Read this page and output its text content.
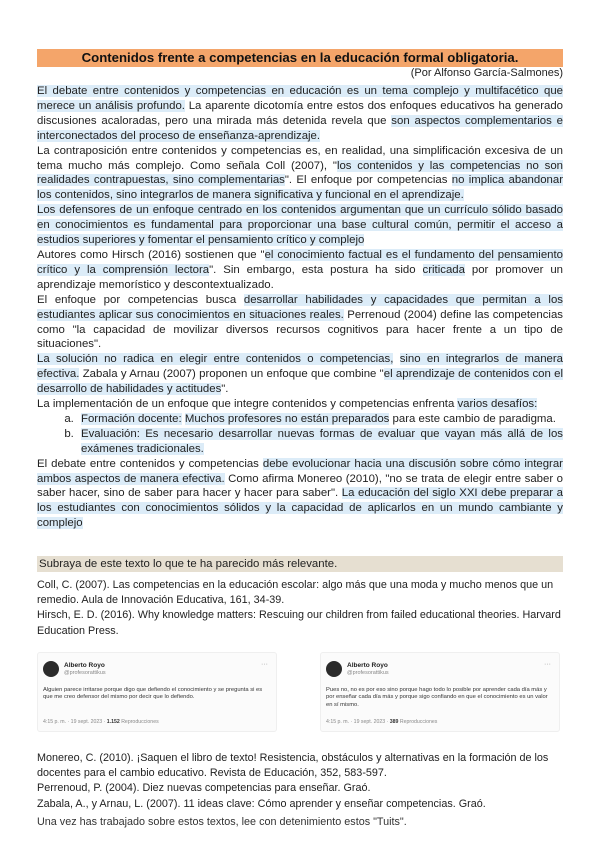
Contenidos frente a competencias en la educación formal obligatoria.
(Por Alfonso García-Salmones)

El debate entre contenidos y competencias en educación es un tema complejo y multifacético que merece un análisis profundo. La aparente dicotomía entre estos dos enfoques educativos ha generado discusiones acaloradas, pero una mirada más detenida revela que son aspectos complementarios e interconectados del proceso de enseñanza-aprendizaje.

La contraposición entre contenidos y competencias es, en realidad, una simplificación excesiva de un tema mucho más complejo. Como señala Coll (2007), "los contenidos y las competencias no son realidades contrapuestas, sino complementarias". El enfoque por competencias no implica abandonar los contenidos, sino integrarlos de manera significativa y funcional en el aprendizaje.

Los defensores de un enfoque centrado en los contenidos argumentan que un currículo sólido basado en conocimientos es fundamental para proporcionar una base cultural común, permitir el acceso a estudios superiores y fomentar el pensamiento crítico y complejo

Autores como Hirsch (2016) sostienen que "el conocimiento factual es el fundamento del pensamiento crítico y la comprensión lectora". Sin embargo, esta postura ha sido criticada por promover un aprendizaje memorístico y descontextualizado.

El enfoque por competencias busca desarrollar habilidades y capacidades que permitan a los estudiantes aplicar sus conocimientos en situaciones reales. Perrenoud (2004) define las competencias como "la capacidad de movilizar diversos recursos cognitivos para hacer frente a un tipo de situaciones".

La solución no radica en elegir entre contenidos o competencias, sino en integrarlos de manera efectiva. Zabala y Arnau (2007) proponen un enfoque que combine "el aprendizaje de contenidos con el desarrollo de habilidades y actitudes".

La implementación de un enfoque que integre contenidos y competencias enfrenta varios desafíos:

a. Formación docente: Muchos profesores no están preparados para este cambio de paradigma.
b. Evaluación: Es necesario desarrollar nuevas formas de evaluar que vayan más allá de los exámenes tradicionales.

El debate entre contenidos y competencias debe evolucionar hacia una discusión sobre cómo integrar ambos aspectos de manera efectiva. Como afirma Monereo (2010), "no se trata de elegir entre saber o saber hacer, sino de saber para hacer y hacer para saber". La educación del siglo XXI debe preparar a los estudiantes con conocimientos sólidos y la capacidad de aplicarlos en un mundo cambiante y complejo

Subraya de este texto lo que te ha parecido más relevante.

Coll, C. (2007). Las competencias en la educación escolar: algo más que una moda y mucho menos que un remedio. Aula de Innovación Educativa, 161, 34-39.

Hirsch, E. D. (2016). Why knowledge matters: Rescuing our children from failed educational theories. Harvard Education Press.

Alberto Royo
@profesorattikus
···
Alguien parece irritarse porque digo que defiendo el conocimiento y se pregunta si es que me creo defensor del mismo por decir que lo defiendo.
4:15 p. m. · 19 sept. 2023 · 1.152 Reproducciones
Alberto Royo
@profesorattikus
···
Pues no, no es por eso sino porque hago todo lo posible por aprender cada día más y por enseñar cada día más y porque sigo confiando en que el conocimiento es un valor en sí mismo.
4:15 p. m. · 19 sept. 2023 · 389 Reproducciones

Monereo, C. (2010). ¡Saquen el libro de texto! Resistencia, obstáculos y alternativas en la formación de los docentes para el cambio educativo. Revista de Educación, 352, 583-597.

Perrenoud, P. (2004). Diez nuevas competencias para enseñar. Graó.

Zabala, A., y Arnau, L. (2007). 11 ideas clave: Cómo aprender y enseñar competencias. Graó.

Una vez has trabajado sobre estos textos, lee con detenimiento estos "Tuits".
